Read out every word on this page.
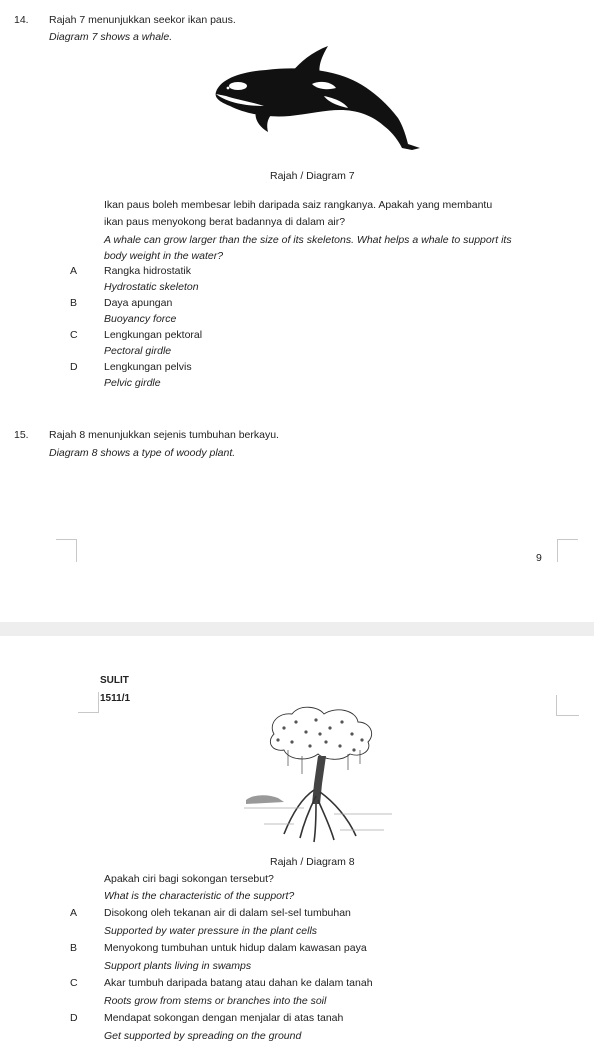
14. Rajah 7 menunjukkan seekor ikan paus.
Diagram 7 shows a whale.
Rajah / Diagram 7
Ikan paus boleh membesar lebih daripada saiz rangkanya. Apakah yang membantu
ikan paus menyokong berat badannya di dalam air?
A whale can grow larger than the size of its skeletons. What helps a whale to support its
body weight in the water?
A	Rangka hidrostatik
Hydrostatic skeleton
B	Daya apungan
Buoyancy force
C	Lengkungan pektoral
Pectoral girdle
D	Lengkungan pelvis
Pelvic girdle
15. Rajah 8 menunjukkan sejenis tumbuhan berkayu.
Diagram 8 shows a type of woody plant.
9
SULIT
1511/1
Rajah / Diagram 8
Apakah ciri bagi sokongan tersebut?
What is the characteristic of the support?
A	Disokong oleh tekanan air di dalam sel-sel tumbuhan
Supported by water pressure in the plant cells
B	Menyokong tumbuhan untuk hidup dalam kawasan paya
Support plants living in swamps
C	Akar tumbuh daripada batang atau dahan ke dalam tanah
Roots grow from stems or branches into the soil
D	Mendapat sokongan dengan menjalar di atas tanah
Get supported by spreading on the ground
